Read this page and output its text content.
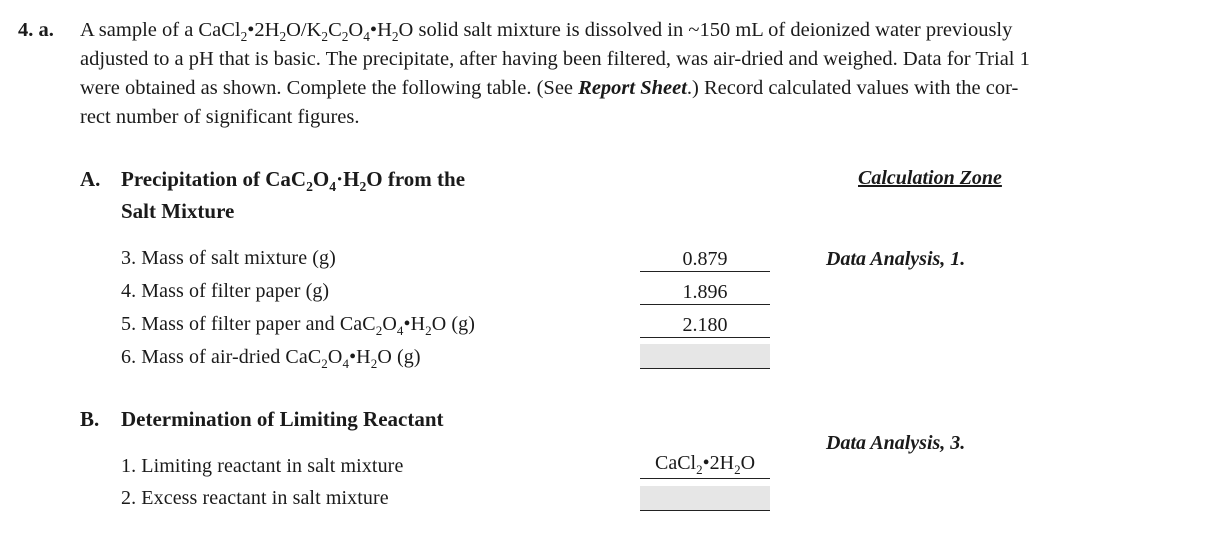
4. a. A sample of a $CaCl_2•2H_2O/K_2C_2O_4•H_2O$ solid salt mixture is dissolved in ~150 mL of deionized water previously
adjusted to a pH that is basic. The precipitate, after having been filtered, was air-dried and weighed. Data for Trial 1
were obtained as shown. Complete the following table. (See Report Sheet.) Record calculated values with the cor-
rect number of significant figures.
A. Precipitation of $CaC_2O_4\cdot H_2O$ from the
Salt Mixture
Calculation Zone
3. Mass of salt mixture (g)	0.879	Data Analysis, 1.
4. Mass of filter paper (g)	1.896
5. Mass of filter paper and $CaC_2O_4•H_2O$ (g)	2.180
6. Mass of air-dried $CaC_2O_4•H_2O$ (g)
B. Determination of Limiting Reactant
Data Analysis, 3.
1. Limiting reactant in salt mixture	$CaCl_2•2H_2O$
2. Excess reactant in salt mixture
